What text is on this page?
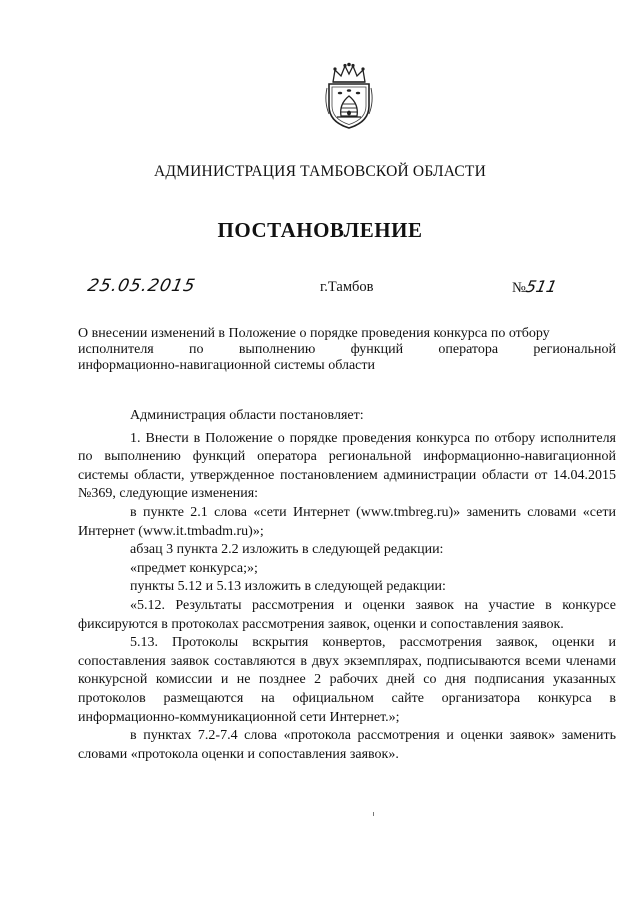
АДМИНИСТРАЦИЯ ТАМБОВСКОЙ ОБЛАСТИ
ПОСТАНОВЛЕНИЕ
25.05.2015	г.Тамбов	№511

О внесении изменений в Положение о порядке проведения конкурса по отбору

исполнителя по выполнению функций оператора региональной

информационно-навигационной системы области

Администрация области постановляет:

1. Внести в Положение о порядке проведения конкурса по отбору исполнителя по выполнению функций оператора региональной информационно-навигационной системы области, утвержденное постановлением администрации области от 14.04.2015 №369, следующие изменения:

в пункте 2.1 слова «сети Интернет (www.tmbreg.ru)» заменить словами «сети Интернет (www.it.tmbadm.ru)»;

абзац 3 пункта 2.2 изложить в следующей редакции:

«предмет конкурса;»;

пункты 5.12 и 5.13 изложить в следующей редакции:

«5.12. Результаты рассмотрения и оценки заявок на участие в конкурсе фиксируются в протоколах рассмотрения заявок, оценки и сопоставления заявок.

5.13. Протоколы вскрытия конвертов, рассмотрения заявок, оценки и сопоставления заявок составляются в двух экземплярах, подписываются всеми членами конкурсной комиссии и не позднее 2 рабочих дней со дня подписания указанных протоколов размещаются на официальном сайте организатора конкурса в информационно-коммуникационной сети Интернет.»;

в пунктах 7.2-7.4 слова «протокола рассмотрения и оценки заявок» заменить словами «протокола оценки и сопоставления заявок».
